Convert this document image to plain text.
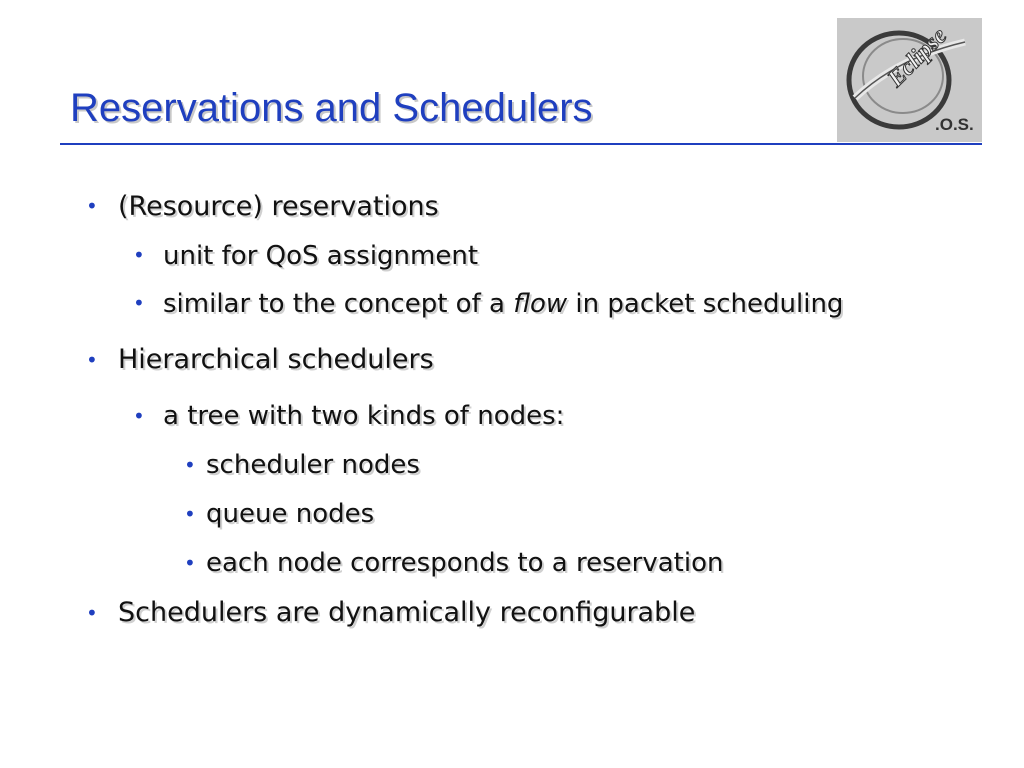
Reservations and Schedulers
Eclipse
.O.S.
• (Resource) reservations

• unit for QoS assignment

• similar to the concept of a flow in packet scheduling

• Hierarchical schedulers

• a tree with two kinds of nodes:

• scheduler nodes

• queue nodes

• each node corresponds to a reservation

• Schedulers are dynamically reconfigurable
